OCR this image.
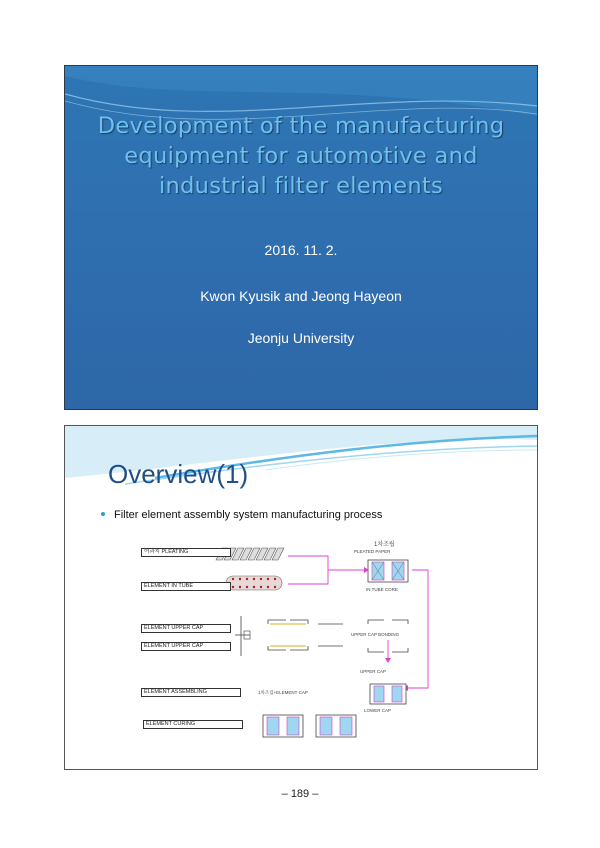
Development of the manufacturing
equipment for automotive and
industrial filter elements
2016. 11. 2.
Kwon Kyusik and Jeong Hayeon
Jeonju University
Overview(1)
Filter element assembly system manufacturing process
여과지 PLEATING
ELEMENT IN TUBE
ELEMENT UPPER CAP
ELEMENT UPPER CAP
ELEMENT ASSEMBLING
ELEMENT CURING
1차조립
PLEATED PAPER
IN TUBE CORE
UPPER CAP BONDING
UPPER CAP
LOWER CAP
1차조립+ELEMENT CAP
– 189 –
